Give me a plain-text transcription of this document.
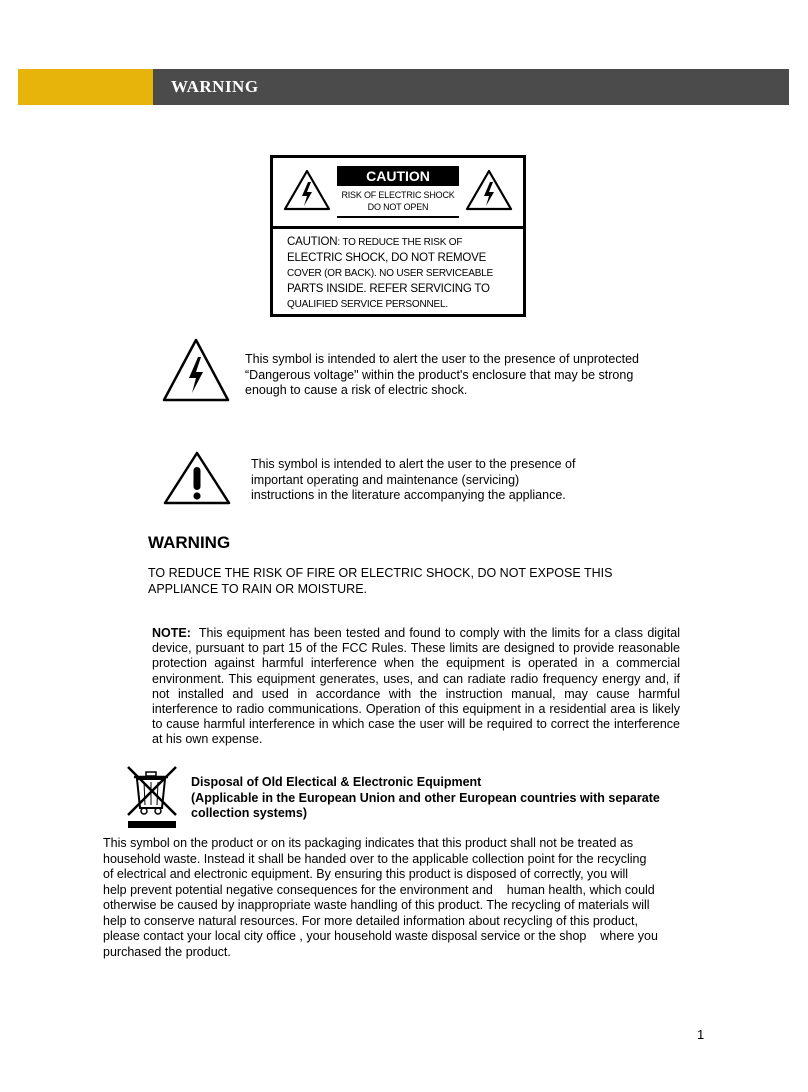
WARNING
CAUTION
RISK OF ELECTRIC SHOCK
DO NOT OPEN
CAUTION: TO REDUCE THE RISK OF
ELECTRIC SHOCK, DO NOT REMOVE
COVER (OR BACK). NO USER SERVICEABLE
PARTS INSIDE. REFER SERVICING TO
QUALIFIED SERVICE PERSONNEL.
This symbol is intended to alert the user to the presence of unprotected
“Dangerous voltage" within the product's enclosure that may be strong
enough to cause a risk of electric shock.
This symbol is intended to alert the user to the presence of
important operating and maintenance (servicing)
instructions in the literature accompanying the appliance.
WARNING
TO REDUCE THE RISK OF FIRE OR ELECTRIC SHOCK, DO NOT EXPOSE THIS
APPLIANCE TO RAIN OR MOISTURE.
NOTE: This equipment has been tested and found to comply with the limits for a class digital device, pursuant to part 15 of the FCC Rules. These limits are designed to provide reasonable protection against harmful interference when the equipment is operated in a commercial environment. This equipment generates, uses, and can radiate radio frequency energy and, if not installed and used in accordance with the instruction manual, may cause harmful interference to radio communications. Operation of this equipment in a residential area is likely to cause harmful interference in which case the user will be required to correct the interference at his own expense.
Disposal of Old Electical & Electronic Equipment
(Applicable in the European Union and other European countries with separate
collection systems)
This symbol on the product or on its packaging indicates that this product shall not be treated as
household waste. Instead it shall be handed over to the applicable collection point for the recycling
of electrical and electronic equipment. By ensuring this product is disposed of correctly, you will
help prevent potential negative consequences for the environment and    human health, which could
otherwise be caused by inappropriate waste handling of this product. The recycling of materials will
help to conserve natural resources. For more detailed information about recycling of this product,
please contact your local city office , your household waste disposal service or the shop    where you
purchased the product.
1
